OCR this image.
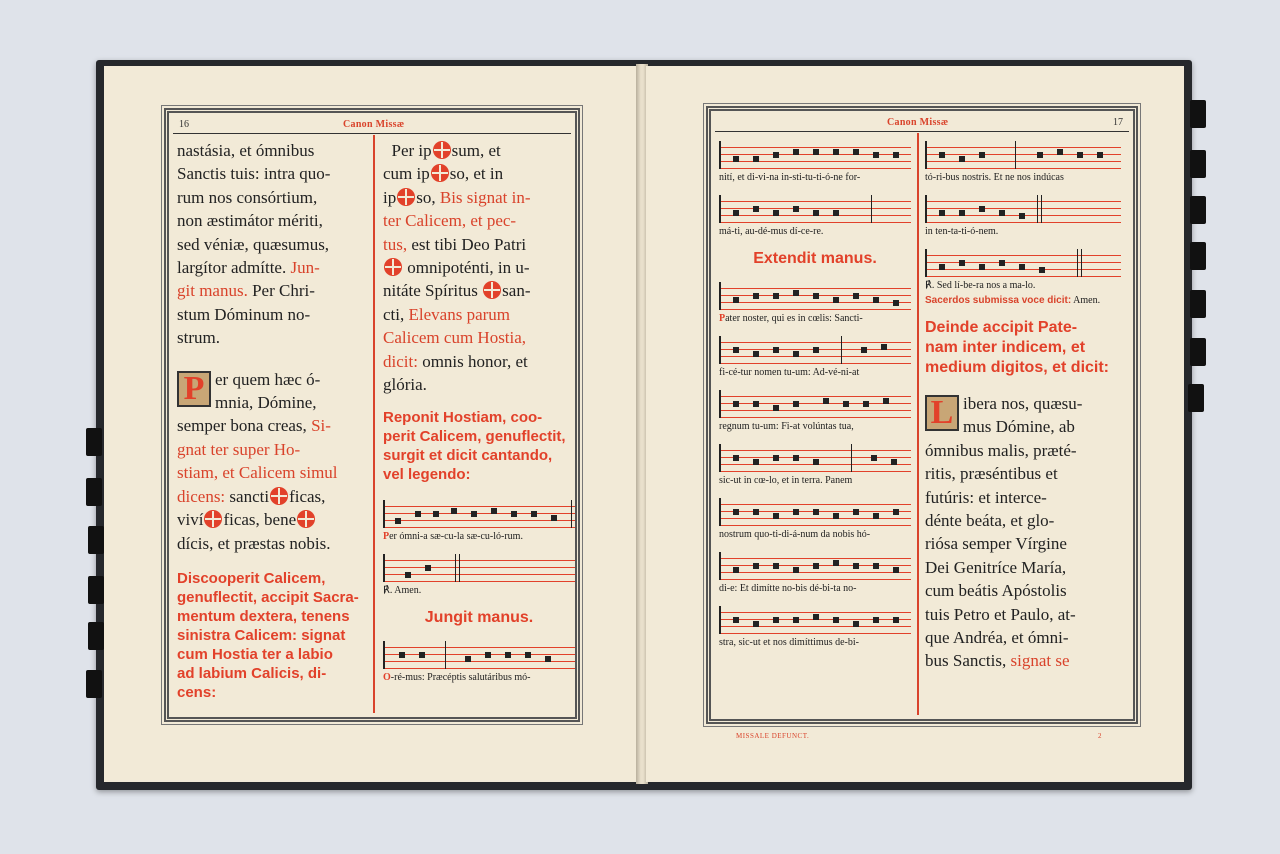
16	Canon Missæ
nastásia, et ómnibus
Sanctis tuis: intra quo-
rum nos consórtium,
non æstimátor mériti,
sed véniæ, quæsumus,
largítor admítte. Jun-
git manus. Per Chri-
stum Dóminum no-
strum.
P er quem hæc ó-
mnia, Dómine,
semper bona creas, Si-
gnat ter super Ho-
stiam, et Calicem simul
dicens: sancti ficas,
viví ficas, bene
dícis, et præstas nobis.
Discooperit Calicem,
genuflectit, accipit Sacra-
mentum dextera, tenens
sinistra Calicem: signat
cum Hostia ter a labio
ad labium Calicis, di-
cens:
Per ip sum, et
cum ip so, et in
ip so, Bis signat in-
ter Calicem, et pec-
tus, est tibi Deo Patri
omnipoténti, in u-
nitáte Spíritus san-
cti, Elevans parum
Calicem cum Hostia,
dicit: omnis honor, et
glória.
Reponit Hostiam, coo-
perit Calicem, genuflectit,
surgit et dicit cantando,
vel legendo:
Per ómni-a sæ-cu-la sæ-cu-ló-rum.
℟. Amen.
Jungit manus.
O-ré-mus: Præcéptis salutáribus mó-
Canon Missæ	17
nití, et di-vi-na in-sti-tu-ti-ó-ne for-
má-ti, au-dé-mus dí-ce-re.
Extendit manus.
Pater noster, qui es in cœlis: Sancti-
fi-cé-tur nomen tu-um: Ad-vé-ni-at
regnum tu-um: Fi-at volúntas tua,
sic-ut in cœ-lo, et in terra. Panem
nostrum quo-ti-di-á-num da nobis hó-
di-e: Et dimítte no-bis dé-bi-ta no-
stra, sic-ut et nos dimíttimus de-bi-
tó-ri-bus nostris. Et ne nos indúcas
in ten-ta-ti-ó-nem.
℟. Sed lí-be-ra nos a ma-lo.
Sacerdos submissa voce dicit: Amen.
Deinde accipit Pate-
nam inter indicem, et
medium digitos, et dicit:
L ibera nos, quæsu-
mus Dómine, ab
ómnibus malis, præté-
ritis, præséntibus et
futúris: et interce-
dénte beáta, et glo-
riósa semper Vírgine
Dei Genitríce María,
cum beátis Apóstolis
tuis Petro et Paulo, at-
que Andréa, et ómni-
bus Sanctis, signat se
MISSALE DEFUNCT.	2
